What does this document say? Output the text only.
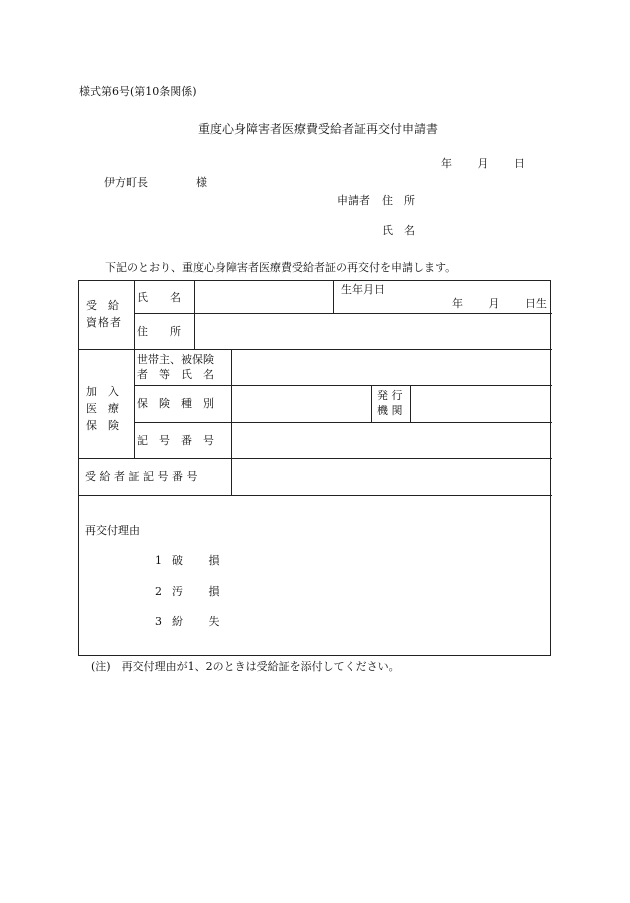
様式第6号(第10条関係)
重度心身障害者医療費受給者証再交付申請書
年　　 月　　 日
伊方町長	様
申請者 住　所
氏　名
下記のとおり、重度心身障害者医療費受給者証の再交付を申請します。
受　給
資格者
氏　　名
生年月日
年　　 月　　 日生
住　　所
加　入
医　療
保　険
世帯主、被保険
者　等　氏　名
保　険　種　別
発 行
機 関
記　号　番　号
受 給 者 証 記 号 番 号
再交付理由
1 破　　 損
2 汚　　 損
3 紛　　 失
(注)　再交付理由が1、2のときは受給証を添付してください。
